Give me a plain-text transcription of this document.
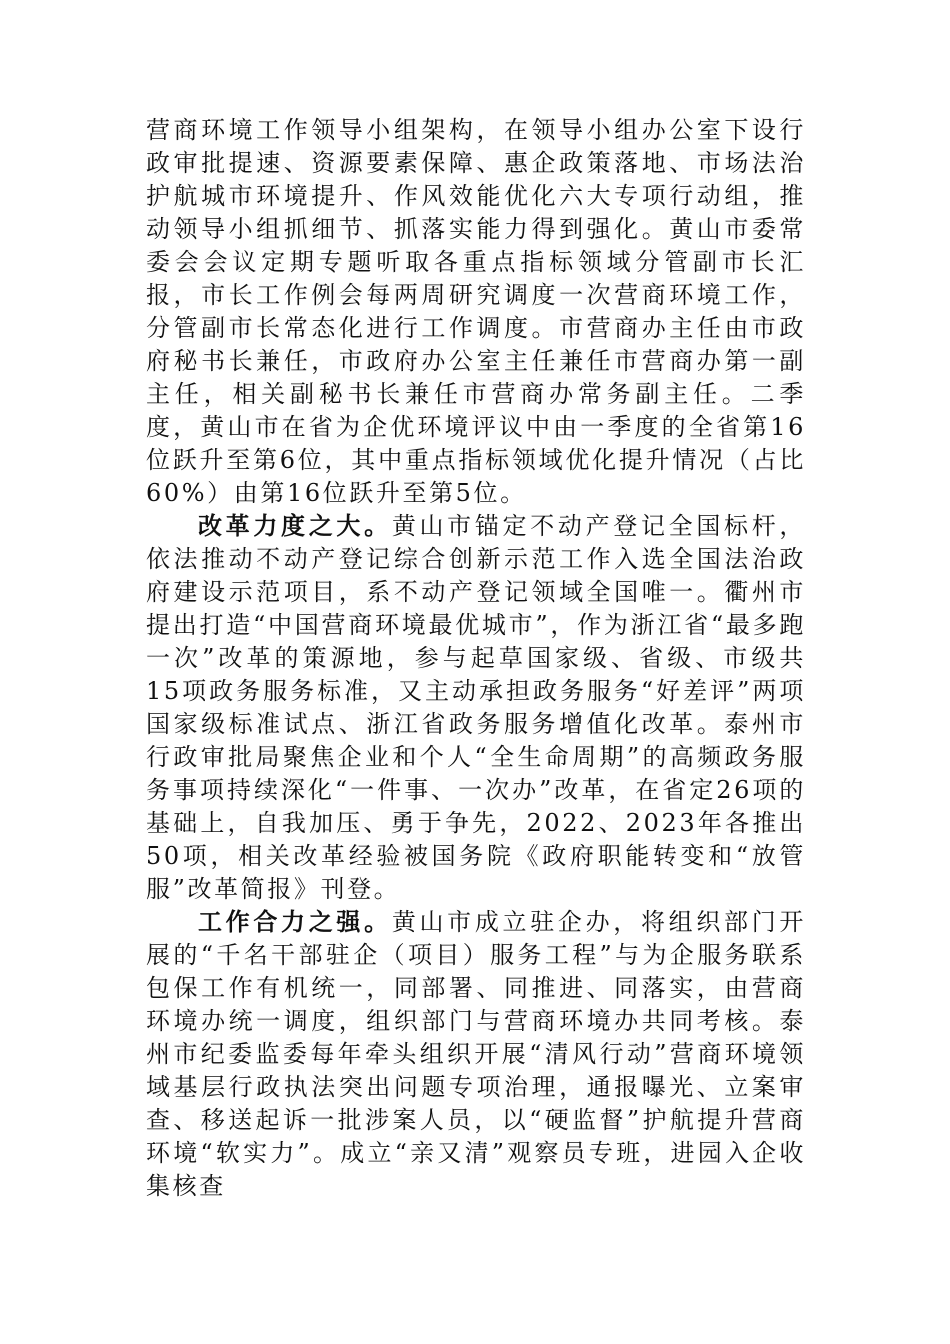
营商环境工作领导小组架构，在领导小组办公室下设行政审批提速、资源要素保障、惠企政策落地、市场法治护航城市环境提升、作风效能优化六大专项行动组，推动领导小组抓细节、抓落实能力得到强化。黄山市委常委会会议定期专题听取各重点指标领域分管副市长汇报，市长工作例会每两周研究调度一次营商环境工作，分管副市长常态化进行工作调度。市营商办主任由市政府秘书长兼任，市政府办公室主任兼任市营商办第一副主任，相关副秘书长兼任市营商办常务副主任。二季度，黄山市在省为企优环境评议中由一季度的全省第16位跃升至第6位，其中重点指标领域优化提升情况（占比60%）由第16位跃升至第5位。

改革力度之大。黄山市锚定不动产登记全国标杆，依法推动不动产登记综合创新示范工作入选全国法治政府建设示范项目，系不动产登记领域全国唯一。衢州市提出打造“中国营商环境最优城市”，作为浙江省“最多跑一次”改革的策源地，参与起草国家级、省级、市级共15项政务服务标准，又主动承担政务服务“好差评”两项国家级标准试点、浙江省政务服务增值化改革。泰州市行政审批局聚焦企业和个人“全生命周期”的高频政务服务事项持续深化“一件事、一次办”改革，在省定26项的基础上，自我加压、勇于争先，2022、2023年各推出50项，相关改革经验被国务院《政府职能转变和“放管服”改革简报》刊登。

工作合力之强。黄山市成立驻企办，将组织部门开展的“千名干部驻企（项目）服务工程”与为企服务联系包保工作有机统一，同部署、同推进、同落实，由营商环境办统一调度，组织部门与营商环境办共同考核。泰州市纪委监委每年牵头组织开展“清风行动”营商环境领域基层行政执法突出问题专项治理，通报曝光、立案审查、移送起诉一批涉案人员，以“硬监督”护航提升营商环境“软实力”。成立“亲又清”观察员专班，进园入企收集核查
